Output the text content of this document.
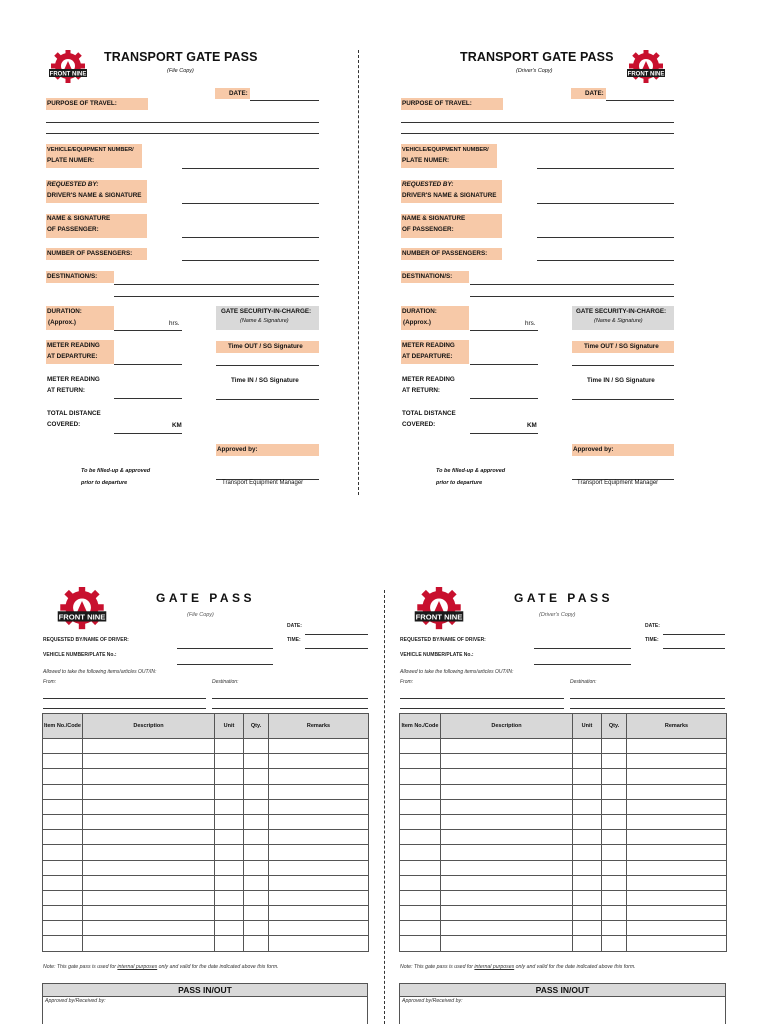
FRONT NINE
TRANSPORT GATE PASS
(File Copy)
DATE:
PURPOSE OF TRAVEL:
VEHICLE/EQUIPMENT NUMBER/
PLATE NUMER:
REQUESTED BY:
DRIVER'S NAME & SIGNATURE
NAME & SIGNATURE
OF PASSENGER:
NUMBER OF PASSENGERS:
DESTINATION/S:
DURATION:
(Approx.)	hrs.
GATE SECURITY-IN-CHARGE:
(Name & Signature)
METER READING
AT DEPARTURE:
Time OUT / SG Signature
METER READING
AT RETURN:
Time IN / SG Signature
TOTAL DISTANCE
COVERED:	KM
Approved by:
To be filled-up & approved
prior to departure	Transport Equipment Manager
FRONT NINE
TRANSPORT GATE PASS
(Driver's Copy)
DATE:
PURPOSE OF TRAVEL:
VEHICLE/EQUIPMENT NUMBER/
PLATE NUMER:
REQUESTED BY:
DRIVER'S NAME & SIGNATURE
NAME & SIGNATURE
OF PASSENGER:
NUMBER OF PASSENGERS:
DESTINATION/S:
DURATION:
(Approx.)	hrs.
GATE SECURITY-IN-CHARGE:
(Name & Signature)
METER READING
AT DEPARTURE:
Time OUT / SG Signature
METER READING
AT RETURN:
Time IN / SG Signature
TOTAL DISTANCE
COVERED:	KM
Approved by:
To be filled-up & approved
prior to departure	Transport Equipment Manager
FRONT NINE
GATE PASS
(File Copy)
DATE:
TIME:
REQUESTED BY/NAME OF DRIVER:
VEHICLE NUMBER/PLATE No.:
Allowed to take the following items/articles OUT/IN:
From:	Destination:
Item No./Code	Description	Unit	Qty.	Remarks

Note: This gate pass is used for internal purposes only and valid for the date indicated above this form.
PASS IN/OUT
Approved by/Received by:
FRONT NINE
GATE PASS
(Driver's Copy)
DATE:
TIME:
REQUESTED BY/NAME OF DRIVER:
VEHICLE NUMBER/PLATE No.:
Allowed to take the following items/articles OUT/IN:
From:	Destination:
Item No./Code	Description	Unit	Qty.	Remarks

Note: This gate pass is used for internal purposes only and valid for the date indicated above this form.
PASS IN/OUT
Approved by/Received by:
